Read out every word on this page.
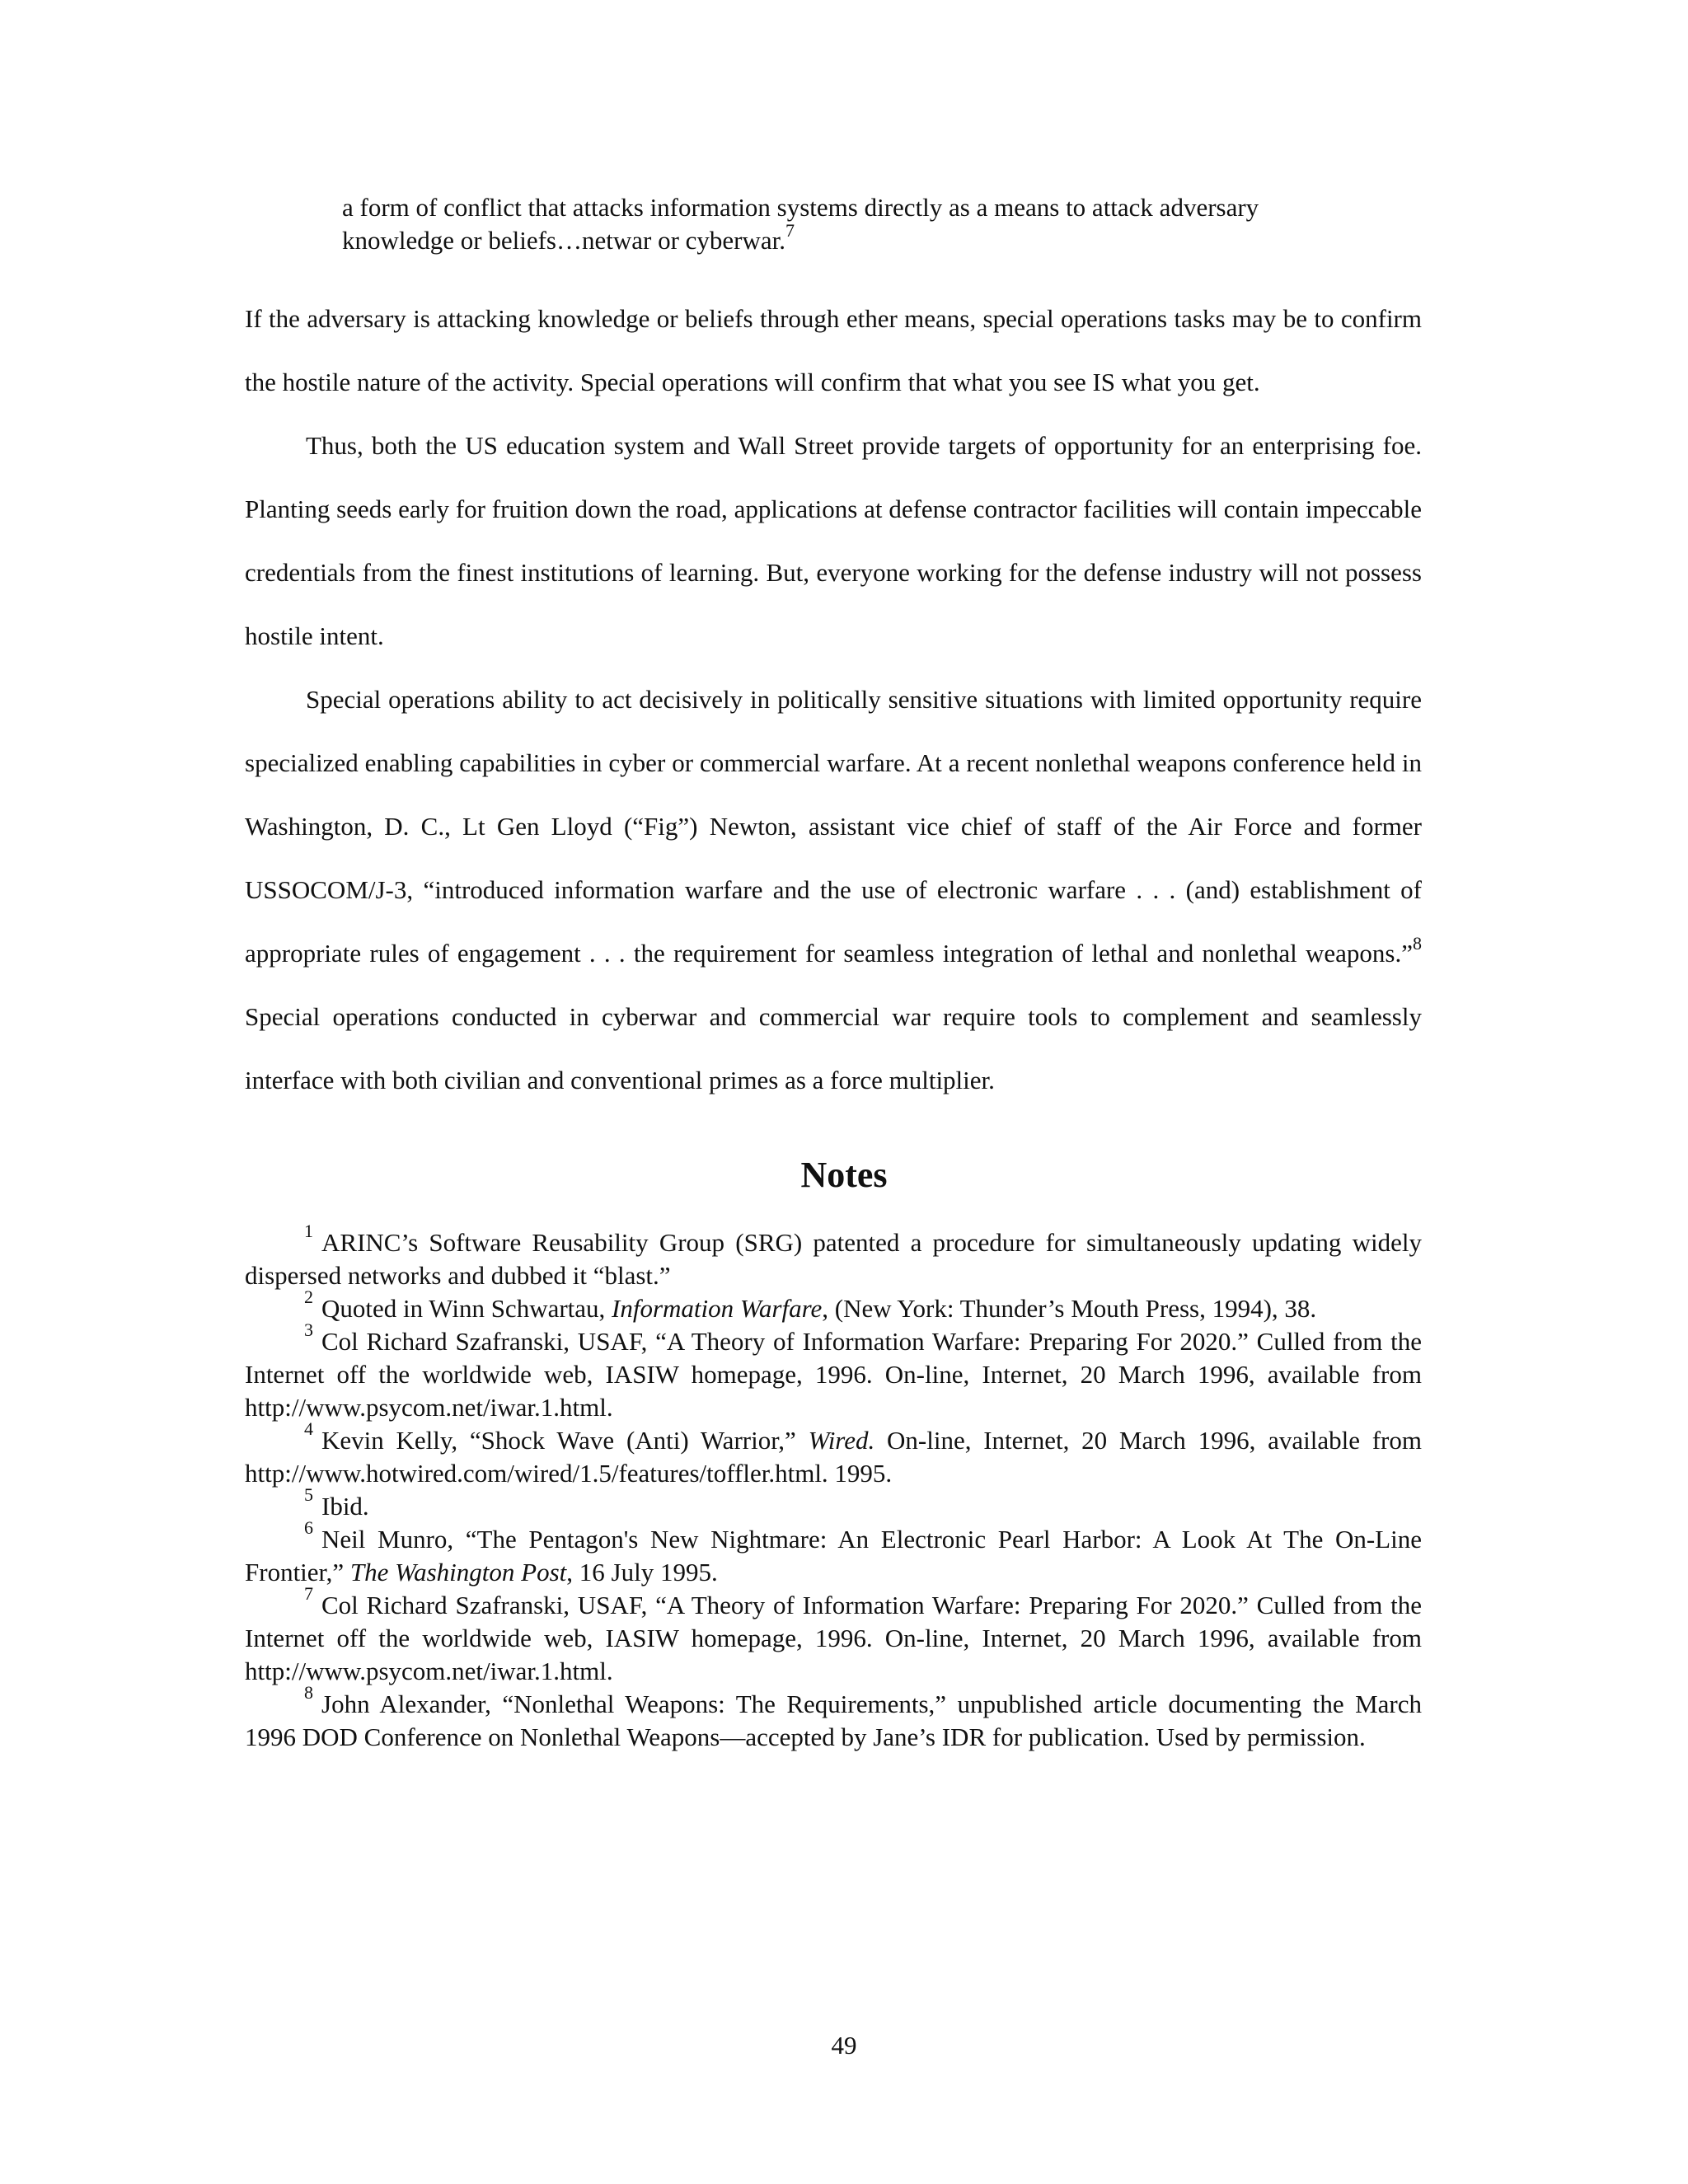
a form of conflict that attacks information systems directly as a means to attack adversary knowledge or beliefs…netwar or cyberwar.$^7$

If the adversary is attacking knowledge or beliefs through ether means, special operations tasks may be to confirm the hostile nature of the activity. Special operations will confirm that what you see IS what you get.

Thus, both the US education system and Wall Street provide targets of opportunity for an enterprising foe. Planting seeds early for fruition down the road, applications at defense contractor facilities will contain impeccable credentials from the finest institutions of learning. But, everyone working for the defense industry will not possess hostile intent.

Special operations ability to act decisively in politically sensitive situations with limited opportunity require specialized enabling capabilities in cyber or commercial warfare. At a recent nonlethal weapons conference held in Washington, D. C., Lt Gen Lloyd (“Fig”) Newton, assistant vice chief of staff of the Air Force and former USSOCOM/J-3, “introduced information warfare and the use of electronic warfare . . . (and) establishment of appropriate rules of engagement . . . the requirement for seamless integration of lethal and nonlethal weapons.”$^8$ Special operations conducted in cyberwar and commercial war require tools to complement and seamlessly interface with both civilian and conventional primes as a force multiplier.

Notes

$^1$ ARINC’s Software Reusability Group (SRG) patented a procedure for simultaneously updating widely dispersed networks and dubbed it “blast.”

$^2$ Quoted in Winn Schwartau, Information Warfare, (New York: Thunder’s Mouth Press, 1994), 38.

$^3$ Col Richard Szafranski, USAF, “A Theory of Information Warfare: Preparing For 2020.” Culled from the Internet off the worldwide web, IASIW homepage, 1996. On-line, Internet, 20 March 1996, available from http://www.psycom.net/iwar.1.html.

$^4$ Kevin Kelly, “Shock Wave (Anti) Warrior,” Wired. On-line, Internet, 20 March 1996, available from http://www.hotwired.com/wired/1.5/features/toffler.html. 1995.

$^5$ Ibid.

$^6$ Neil Munro, “The Pentagon's New Nightmare: An Electronic Pearl Harbor: A Look At The On-Line Frontier,” The Washington Post, 16 July 1995.

$^7$ Col Richard Szafranski, USAF, “A Theory of Information Warfare: Preparing For 2020.” Culled from the Internet off the worldwide web, IASIW homepage, 1996. On-line, Internet, 20 March 1996, available from http://www.psycom.net/iwar.1.html.

$^8$ John Alexander, “Nonlethal Weapons: The Requirements,” unpublished article documenting the March 1996 DOD Conference on Nonlethal Weapons—accepted by Jane’s IDR for publication. Used by permission.

49
